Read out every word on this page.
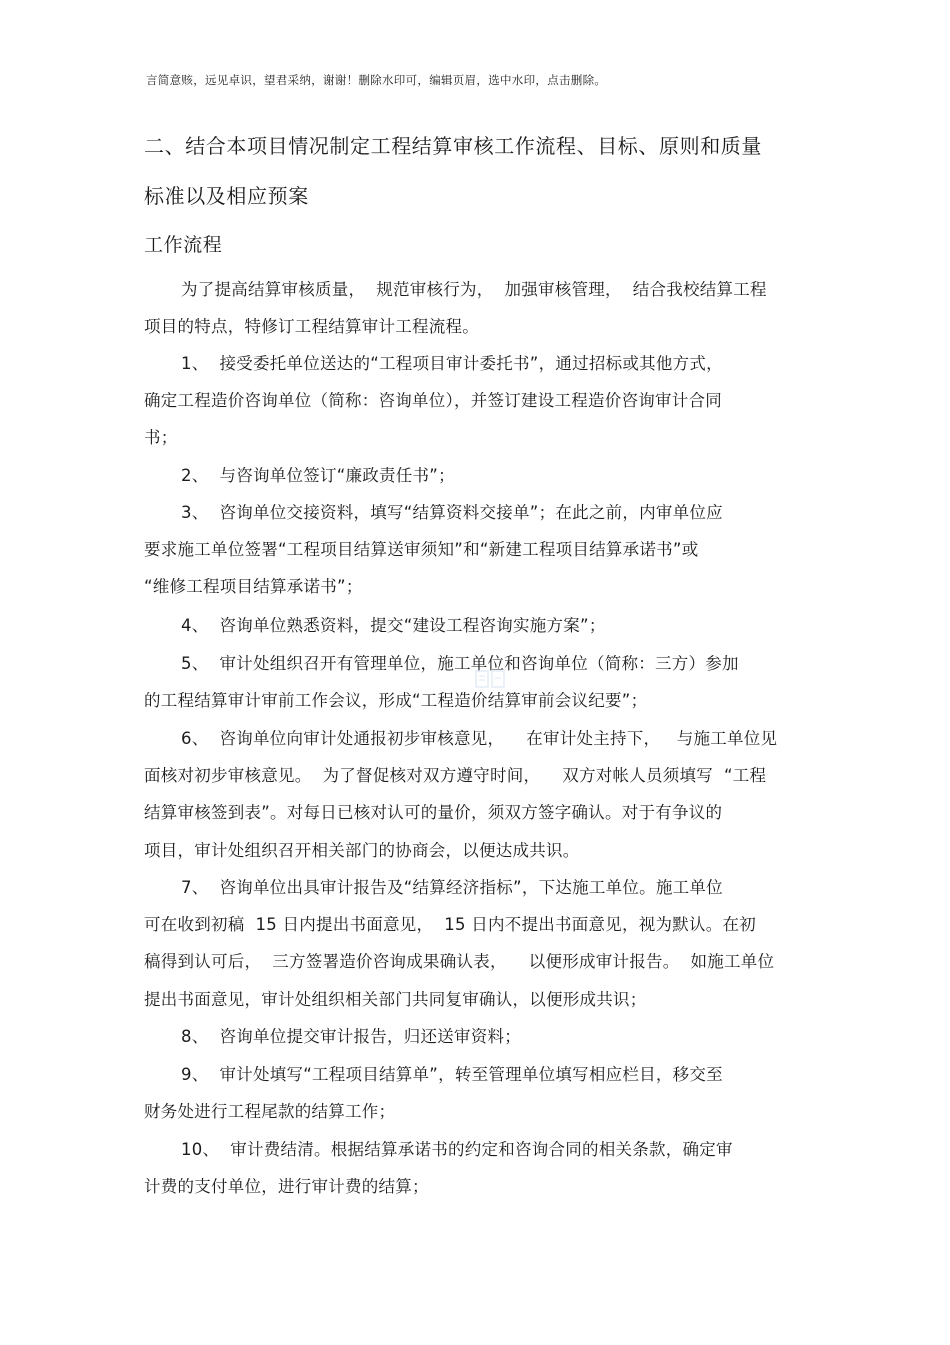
言简意赅，远见卓识，望君采纳，谢谢！删除水印可，编辑页眉，选中水印，点击删除。
二、结合本项目情况制定工程结算审核工作流程、目标、原则和质量
标准以及相应预案
工作流程
为了提高结算审核质量，  规范审核行为，  加强审核管理，  结合我校结算工程
项目的特点，特修订工程结算审计工程流程。
1、  接受委托单位送达的“工程项目审计委托书”，通过招标或其他方式，
确定工程造价咨询单位（简称：咨询单位），并签订建设工程造价咨询审计合同
书；
2、  与咨询单位签订“廉政责任书”；
3、  咨询单位交接资料，填写“结算资料交接单”；在此之前，内审单位应
要求施工单位签署“工程项目结算送审须知”和“新建工程项目结算承诺书”或
“维修工程项目结算承诺书”；
4、  咨询单位熟悉资料，提交“建设工程咨询实施方案”；
5、  审计处组织召开有管理单位，施工单位和咨询单位（简称：三方）参加
的工程结算审计审前工作会议，形成“工程造价结算审前会议纪要”；
6、  咨询单位向审计处通报初步审核意见，    在审计处主持下，   与施工单位见
面核对初步审核意见。  为了督促核对双方遵守时间，    双方对帐人员须填写  “工程
结算审核签到表”。对每日已核对认可的量价，须双方签字确认。对于有争议的
项目，审计处组织召开相关部门的协商会，以便达成共识。
7、  咨询单位出具审计报告及“结算经济指标”，下达施工单位。施工单位
可在收到初稿  15 日内提出书面意见，  15 日内不提出书面意见，视为默认。在初
稿得到认可后，  三方签署造价咨询成果确认表，    以便形成审计报告。  如施工单位
提出书面意见，审计处组织相关部门共同复审确认，以便形成共识；
8、  咨询单位提交审计报告，归还送审资料；
9、  审计处填写“工程项目结算单”，转至管理单位填写相应栏目，移交至
财务处进行工程尾款的结算工作；
10、  审计费结清。根据结算承诺书的约定和咨询合同的相关条款，确定审
计费的支付单位，进行审计费的结算；
